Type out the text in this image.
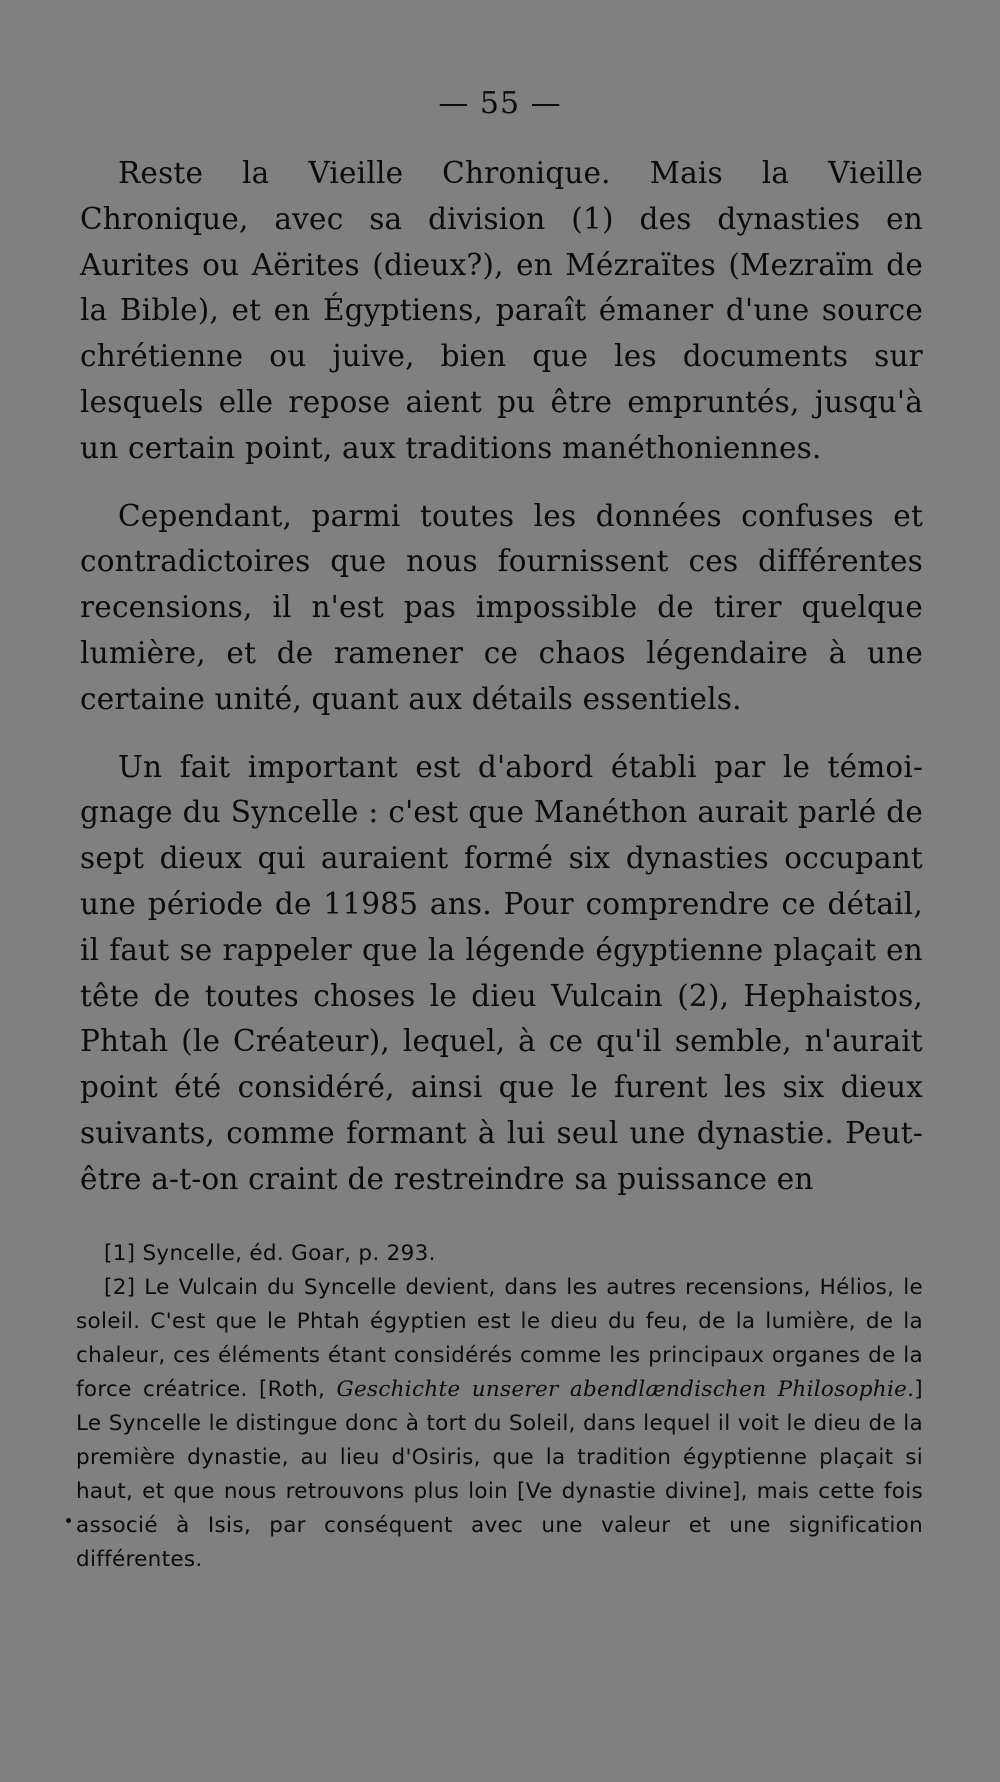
— 55 —

Reste la Vieille Chronique. Mais la Vieille Chronique, avec sa division (1) des dynasties en Aurites ou Aërites (dieux?), en Mézraïtes (Mezraïm de la Bible), et en Égyptiens, paraît émaner d'une source chrétienne ou juive, bien que les documents sur lesquels elle repose aient pu être empruntés, jusqu'à un certain point, aux traditions manéthoniennes.

Cependant, parmi toutes les données confuses et contradictoires que nous fournissent ces différentes recensions, il n'est pas impossible de tirer quelque lumière, et de ramener ce chaos légendaire à une certaine unité, quant aux détails essentiels.

Un fait important est d'abord établi par le témoignage du Syncelle : c'est que Manéthon aurait parlé de sept dieux qui auraient formé six dynasties occupant une période de 11985 ans. Pour comprendre ce détail, il faut se rappeler que la légende égyptienne plaçait en tête de toutes choses le dieu Vulcain (2), Hephaistos, Phtah (le Créateur), lequel, à ce qu'il semble, n'aurait point été considéré, ainsi que le furent les six dieux suivants, comme formant à lui seul une dynastie. Peut-être a-t-on craint de restreindre sa puissance en

[1] Syncelle, éd. Goar, p. 293.

[2] Le Vulcain du Syncelle devient, dans les autres recensions, Hélios, le soleil. C'est que le Phtah égyptien est le dieu du feu, de la lumière, de la chaleur, ces éléments étant considérés comme les principaux organes de la force créatrice. [Roth, Geschichte unserer abendlændischen Philosophie.] Le Syncelle le distingue donc à tort du Soleil, dans lequel il voit le dieu de la première dynastie, au lieu d'Osiris, que la tradition égyptienne plaçait si haut, et que nous retrouvons plus loin [Ve dynastie divine], mais cette fois associé à Isis, par conséquent avec une valeur et une signification différentes.
